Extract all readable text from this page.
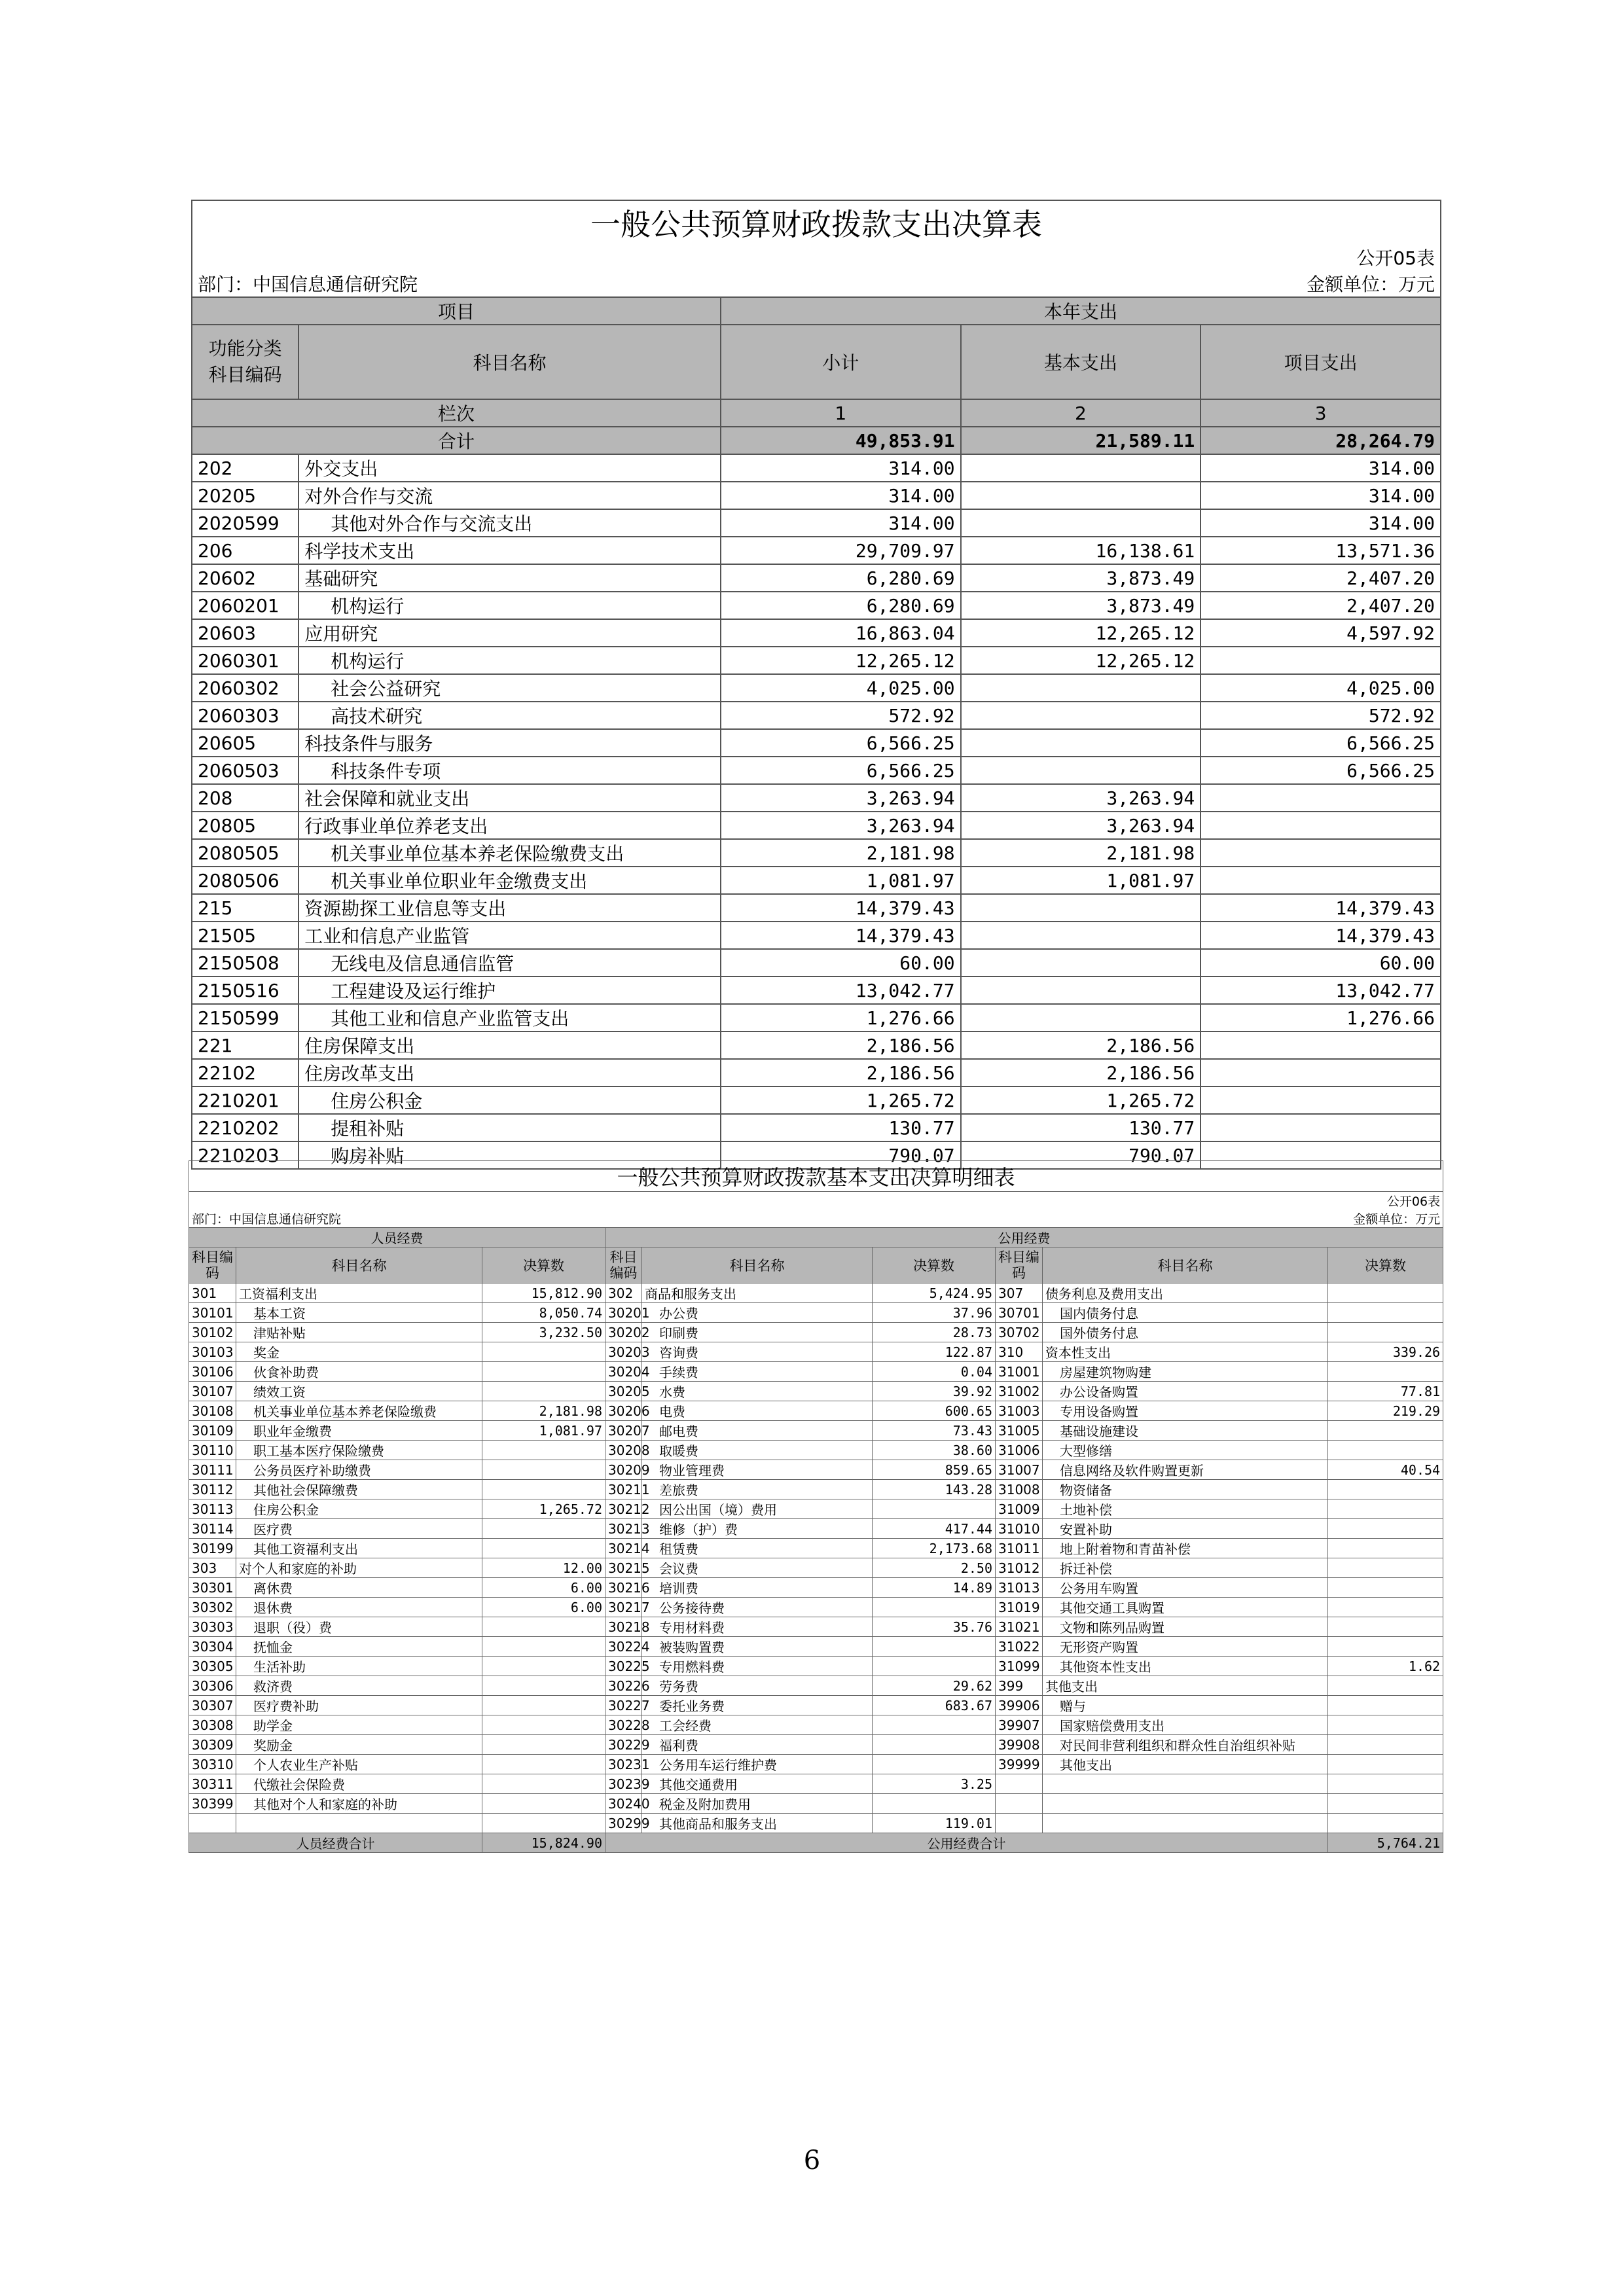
一般公共预算财政拨款支出决算表				
				公开05表
部门：中国信息通信研究院				金额单位：万元
项目		本年支出		
功能分类
科目编码	科目名称	小计	基本支出	项目支出
栏次		1	2	3
合计		49,853.91	21,589.11	28,264.79
202	外交支出	314.00		314.00
20205	对外合作与交流	314.00		314.00
2020599	其他对外合作与交流支出	314.00		314.00
206	科学技术支出	29,709.97	16,138.61	13,571.36
20602	基础研究	6,280.69	3,873.49	2,407.20
2060201	机构运行	6,280.69	3,873.49	2,407.20
20603	应用研究	16,863.04	12,265.12	4,597.92
2060301	机构运行	12,265.12	12,265.12	
2060302	社会公益研究	4,025.00		4,025.00
2060303	高技术研究	572.92		572.92
20605	科技条件与服务	6,566.25		6,566.25
2060503	科技条件专项	6,566.25		6,566.25
208	社会保障和就业支出	3,263.94	3,263.94	
20805	行政事业单位养老支出	3,263.94	3,263.94	
2080505	机关事业单位基本养老保险缴费支出	2,181.98	2,181.98	
2080506	机关事业单位职业年金缴费支出	1,081.97	1,081.97	
215	资源勘探工业信息等支出	14,379.43		14,379.43
21505	工业和信息产业监管	14,379.43		14,379.43
2150508	无线电及信息通信监管	60.00		60.00
2150516	工程建设及运行维护	13,042.77		13,042.77
2150599	其他工业和信息产业监管支出	1,276.66		1,276.66
221	住房保障支出	2,186.56	2,186.56	
22102	住房改革支出	2,186.56	2,186.56	
2210201	住房公积金	1,265.72	1,265.72	
2210202	提租补贴	130.77	130.77	
2210203	购房补贴	790.07	790.07	
一般公共预算财政拨款基本支出决算明细表								
								公开06表
部门：中国信息通信研究院								金额单位：万元
人员经费			公用经费					
科目编码	科目名称	决算数	科目编码	科目名称	决算数	科目编码	科目名称	决算数
301	工资福利支出	15,812.90	302	商品和服务支出	5,424.95	307	债务利息及费用支出	
30101	基本工资	8,050.74	30201	办公费	37.96	30701	国内债务付息	
30102	津贴补贴	3,232.50	30202	印刷费	28.73	30702	国外债务付息	
30103	奖金		30203	咨询费	122.87	310	资本性支出	339.26
30106	伙食补助费		30204	手续费	0.04	31001	房屋建筑物购建	
30107	绩效工资		30205	水费	39.92	31002	办公设备购置	77.81
30108	机关事业单位基本养老保险缴费	2,181.98	30206	电费	600.65	31003	专用设备购置	219.29
30109	职业年金缴费	1,081.97	30207	邮电费	73.43	31005	基础设施建设	
30110	职工基本医疗保险缴费		30208	取暖费	38.60	31006	大型修缮	
30111	公务员医疗补助缴费		30209	物业管理费	859.65	31007	信息网络及软件购置更新	40.54
30112	其他社会保障缴费		30211	差旅费	143.28	31008	物资储备	
30113	住房公积金	1,265.72	30212	因公出国（境）费用		31009	土地补偿	
30114	医疗费		30213	维修（护）费	417.44	31010	安置补助	
30199	其他工资福利支出		30214	租赁费	2,173.68	31011	地上附着物和青苗补偿	
303	对个人和家庭的补助	12.00	30215	会议费	2.50	31012	拆迁补偿	
30301	离休费	6.00	30216	培训费	14.89	31013	公务用车购置	
30302	退休费	6.00	30217	公务接待费		31019	其他交通工具购置	
30303	退职（役）费		30218	专用材料费	35.76	31021	文物和陈列品购置	
30304	抚恤金		30224	被装购置费		31022	无形资产购置	
30305	生活补助		30225	专用燃料费		31099	其他资本性支出	1.62
30306	救济费		30226	劳务费	29.62	399	其他支出	
30307	医疗费补助		30227	委托业务费	683.67	39906	赠与	
30308	助学金		30228	工会经费		39907	国家赔偿费用支出	
30309	奖励金		30229	福利费		39908	对民间非营利组织和群众性自治组织补贴	
30310	个人农业生产补贴		30231	公务用车运行维护费		39999	其他支出	
30311	代缴社会保险费		30239	其他交通费用	3.25			
30399	其他对个人和家庭的补助		30240	税金及附加费用				
			30299	其他商品和服务支出	119.01			
人员经费合计		15,824.90	公用经费合计					5,764.21
6
